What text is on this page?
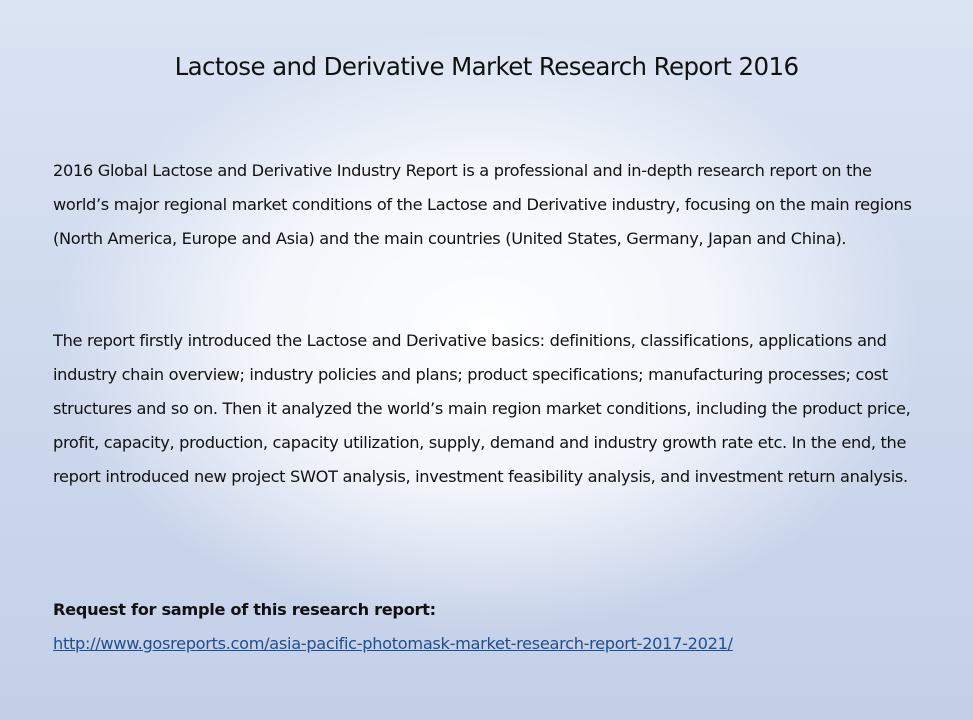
Lactose and Derivative Market Research Report 2016

2016 Global Lactose and Derivative Industry Report is a professional and in-depth research report on the world’s major regional market conditions of the Lactose and Derivative industry, focusing on the main regions (North America, Europe and Asia) and the main countries (United States, Germany, Japan and China).

The report firstly introduced the Lactose and Derivative basics: definitions, classifications, applications and industry chain overview; industry policies and plans; product specifications; manufacturing processes; cost structures and so on. Then it analyzed the world’s main region market conditions, including the product price, profit, capacity, production, capacity utilization, supply, demand and industry growth rate etc. In the end, the report introduced new project SWOT analysis, investment feasibility analysis, and investment return analysis.

Request for sample of this research report:
http://www.gosreports.com/asia-pacific-photomask-market-research-report-2017-2021/
